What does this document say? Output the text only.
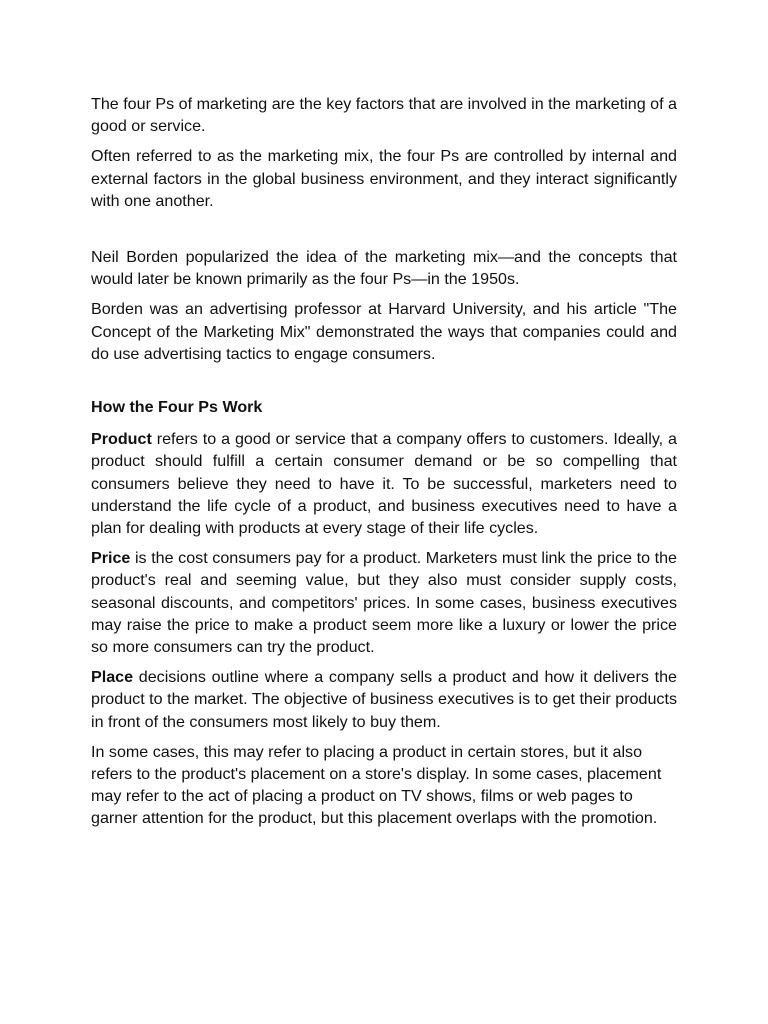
The four Ps of marketing are the key factors that are involved in the marketing of a good or service.

Often referred to as the marketing mix, the four Ps are controlled by internal and external factors in the global business environment, and they interact significantly with one another.

Neil Borden popularized the idea of the marketing mix—and the concepts that would later be known primarily as the four Ps—in the 1950s.

Borden was an advertising professor at Harvard University, and his article "The Concept of the Marketing Mix" demonstrated the ways that companies could and do use advertising tactics to engage consumers.

How the Four Ps Work

Product refers to a good or service that a company offers to customers. Ideally, a product should fulfill a certain consumer demand or be so compelling that consumers believe they need to have it. To be successful, marketers need to understand the life cycle of a product, and business executives need to have a plan for dealing with products at every stage of their life cycles.

Price is the cost consumers pay for a product. Marketers must link the price to the product's real and seeming value, but they also must consider supply costs, seasonal discounts, and competitors' prices. In some cases, business executives may raise the price to make a product seem more like a luxury or lower the price so more consumers can try the product.

Place decisions outline where a company sells a product and how it delivers the product to the market. The objective of business executives is to get their products in front of the consumers most likely to buy them.

In some cases, this may refer to placing a product in certain stores, but it also refers to the product's placement on a store's display. In some cases, placement may refer to the act of placing a product on TV shows, films or web pages to garner attention for the product, but this placement overlaps with the promotion.
